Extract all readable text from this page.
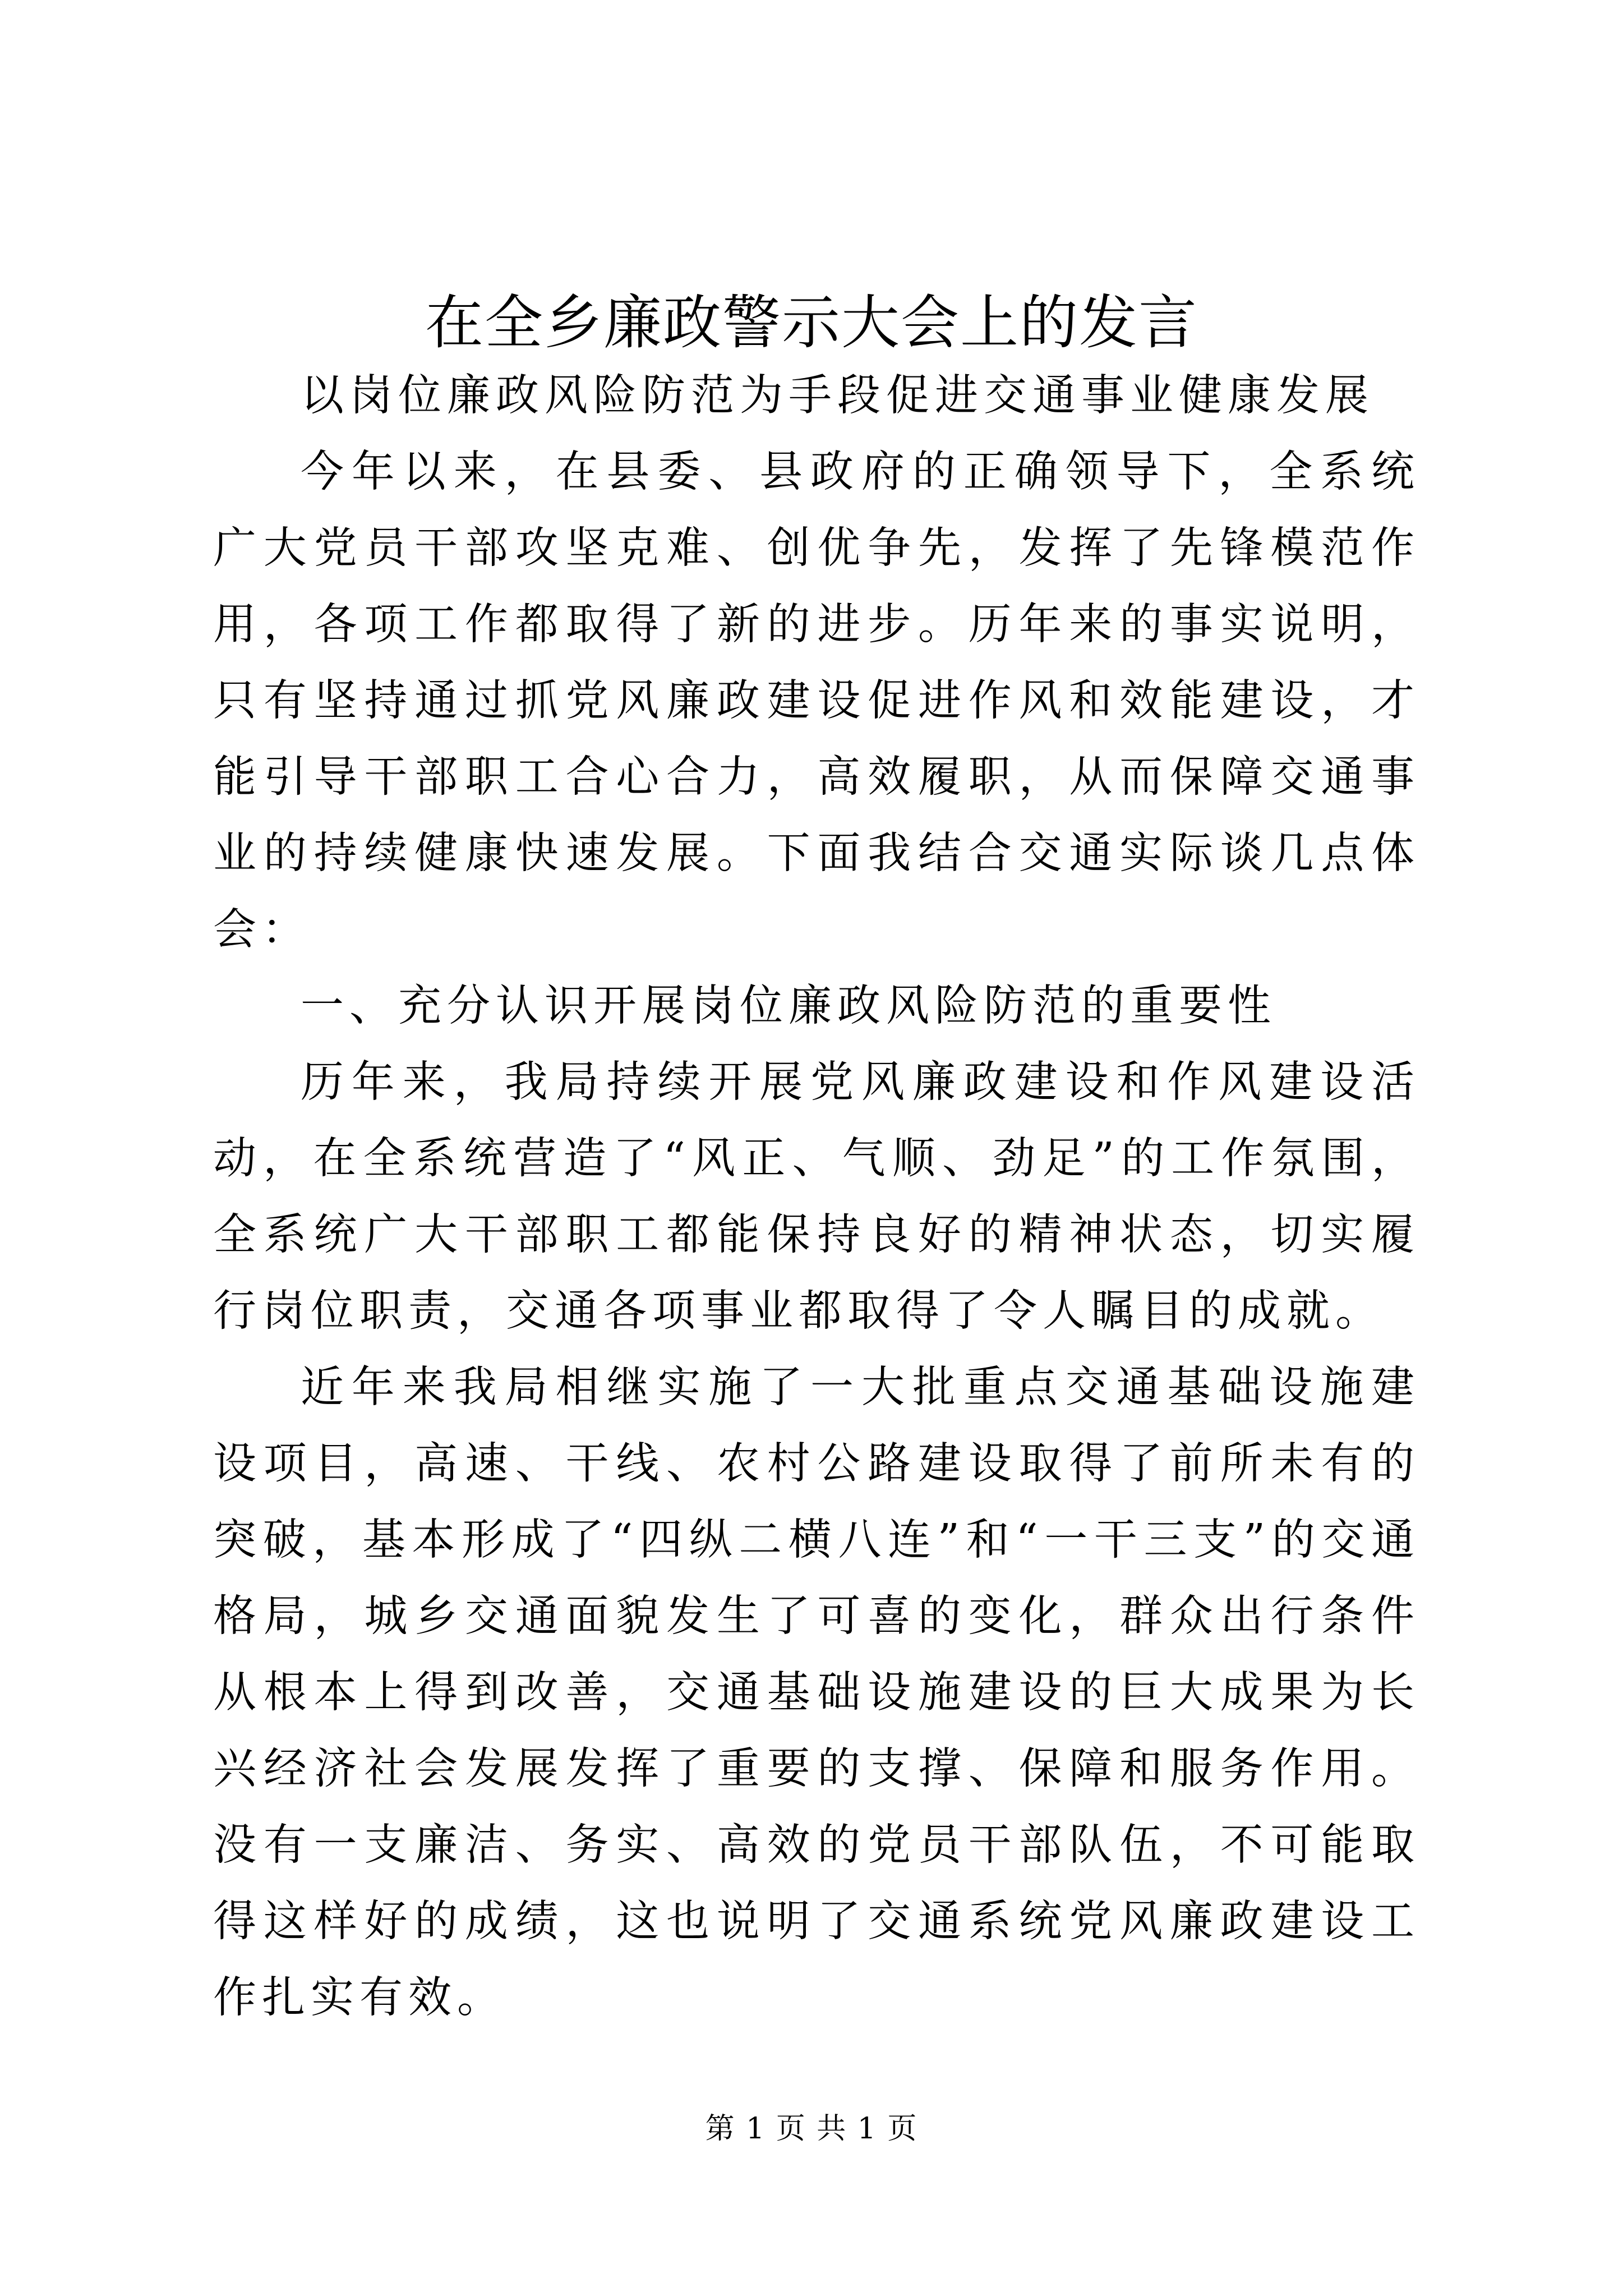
在全乡廉政警示大会上的发言

以岗位廉政风险防范为手段促进交通事业健康发展

今年以来，在县委、县政府的正确领导下，全系统广大党员干部攻坚克难、创优争先，发挥了先锋模范作用，各项工作都取得了新的进步。历年来的事实说明，只有坚持通过抓党风廉政建设促进作风和效能建设，才能引导干部职工合心合力，高效履职，从而保障交通事业的持续健康快速发展。下面我结合交通实际谈几点体会：

一、充分认识开展岗位廉政风险防范的重要性

历年来，我局持续开展党风廉政建设和作风建设活动，在全系统营造了“风正、气顺、劲足”的工作氛围，全系统广大干部职工都能保持良好的精神状态，切实履行岗位职责，交通各项事业都取得了令人瞩目的成就。

近年来我局相继实施了一大批重点交通基础设施建设项目，高速、干线、农村公路建设取得了前所未有的突破，基本形成了“四纵二横八连”和“一干三支”的交通格局，城乡交通面貌发生了可喜的变化，群众出行条件从根本上得到改善，交通基础设施建设的巨大成果为长兴经济社会发展发挥了重要的支撑、保障和服务作用。没有一支廉洁、务实、高效的党员干部队伍，不可能取得这样好的成绩，这也说明了交通系统党风廉政建设工作扎实有效。

第 1 页 共 1 页
